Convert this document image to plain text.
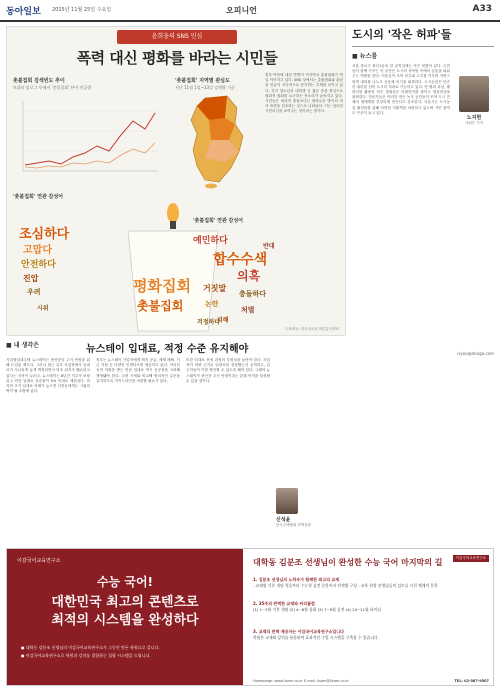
동아일보 2015년 11월 25일 수요일	오피니언	A33
윤희웅의 SNS 민심
폭력 대신 평화를 바라는 시민들
촛불집회 검색빈도 추이
트위터·블로그 등에서 '촛불집회' 단어 언급량
'촛불집회' 지역별 관심도
지난 11월 1일~23일 검색량 기준
정부·여당에 대한 반발이 커지면서 촛불집회가 연일 이어지고 있다. SNS 상에서는 촛불집회와 관련된 언급이 지속적으로 증가하는 추세를 보이고 있다. 특히 청소년과 대학생 등 젊은 층을 중심으로 평화적 집회를 요구하는 목소리가 높아지고 있다. 시민들은 폭력적 충돌보다는 평화로운 방식의 의사 표현을 선호하는 것으로 나타났다. 이는 성숙한 시민의식을 보여주는 것이라는 평가다.
'촛불집회' 연관 감성어
조심하다
고맙다
안전하다
진압
우려	평화집회
촛불집회
'촛불집회' 연관 감성어
예민하다
합수수색
의혹
거짓말
충돌하다
논란
처벌
피해
걱정하다
반대
시위
도표제공: 한국리서치 여론분석센터
도시의 '작은 허파'들
■ 뉴스룸
노지현
사회부 기자
서울 종로구 창신1동의 한 골목길에는 작은 텃밭이 있다. 주민들이 함께 가꾸는 이 공간은 도시의 삭막함 속에서 숨통을 틔워주는 역할을 한다. 이웃들이 모여 상추와 고추를 키우며 자연스럽게 대화를 나누고 공동체 의식을 회복한다. 도시농업은 단순한 취미를 넘어 도시의 허파로 기능하고 있다. 빈 땅과 옥상, 베란다를 활용한 작은 정원들은 미세먼지를 줄이고 열섬현상을 완화한다. 전문가들은 이러한 작은 녹지 공간들이 모여 도시 전체의 생태계를 건강하게 만든다고 강조한다. 서울시는 도시농업 활성화를 위해 다양한 지원책을 마련하고 있으며 시민 참여도 꾸준히 늘고 있다.
isyoo@donga.com
■ 내 생각은	뉴스테이 입대료, 적정 수준 유지해야
기업형임대주택 뉴스테이는 중산층의 주거 안정을 위해 도입된 제도다. 그러나 최근 일부 사업장에서 임대료가 지나치게 높게 책정되면서 당초 취지가 훼손되고 있다는 지적이 나온다. 뉴스테이는 8년간 거주가 보장되고 연간 임대료 상승률이 5% 이내로 제한된다. 하지만 초기 임대료 자체가 높으면 서민들에게는 그림의 떡이 될 수밖에 없다.
정부는 뉴스테이 사업자에게 택지 공급, 세제 혜택, 기금 지원 등 다양한 인센티브를 제공하고 있다. 이러한 공적 지원을 받는 만큼 임대료 역시 공공성을 고려해 책정돼야 한다. 주변 시세와 비교해 합리적인 수준을 유지하도록 가이드라인을 마련할 필요가 있다.
또한 임대료 산정 과정의 투명성을 높여야 한다. 사업자가 어떤 근거로 임대료를 결정했는지 공개하고, 입주자들이 이를 확인할 수 있도록 해야 한다. 그래야 뉴스테이가 중산층 주거 안정이라는 본래 목적을 달성할 수 있을 것이다.
신석윤
한국주택협회 정책실장
이감국어교육연구소
수능 국어!
대한민국 최고의 콘텐츠로
최적의 시스템을 완성하다
● 대학동 강분조 선생님의 이감국어교육연구소가 그동안 만든 학원으로 갑니다.
● 이감국어교육연구소로 학원과 강의를 결합하는 집합 시스템을 드립니다.
대학동 김분조 선생님이 완성한 수능 국어 마지막의 길	이감국어교육연구소
1. 김분조 선생님의 노하우가 함께한 최고의 교재
- 교재별 기본 개념 학습부터 수능형 실전 문항까지 단계별 구성 - 교육 현장 선생님들의 검토를 거친 체계적 문항
2. 35주의 완벽한 교재와 커리큘럼
(1) 1~3월 기본 개념 (2) 4~6월 심화 (3) 7~9월 실전 (4) 10~11월 파이널
3. 교재의 완벽 제공자는 이감국어교육연구소입니다
학원은 교재와 강의를 통합하여 효과적인 수업 시스템을 구축할 수 있습니다.
Homepage: www.ilsam.co.kr E-mail: ilsam@ilsam.co.kr	TEL: 02-567-9507
